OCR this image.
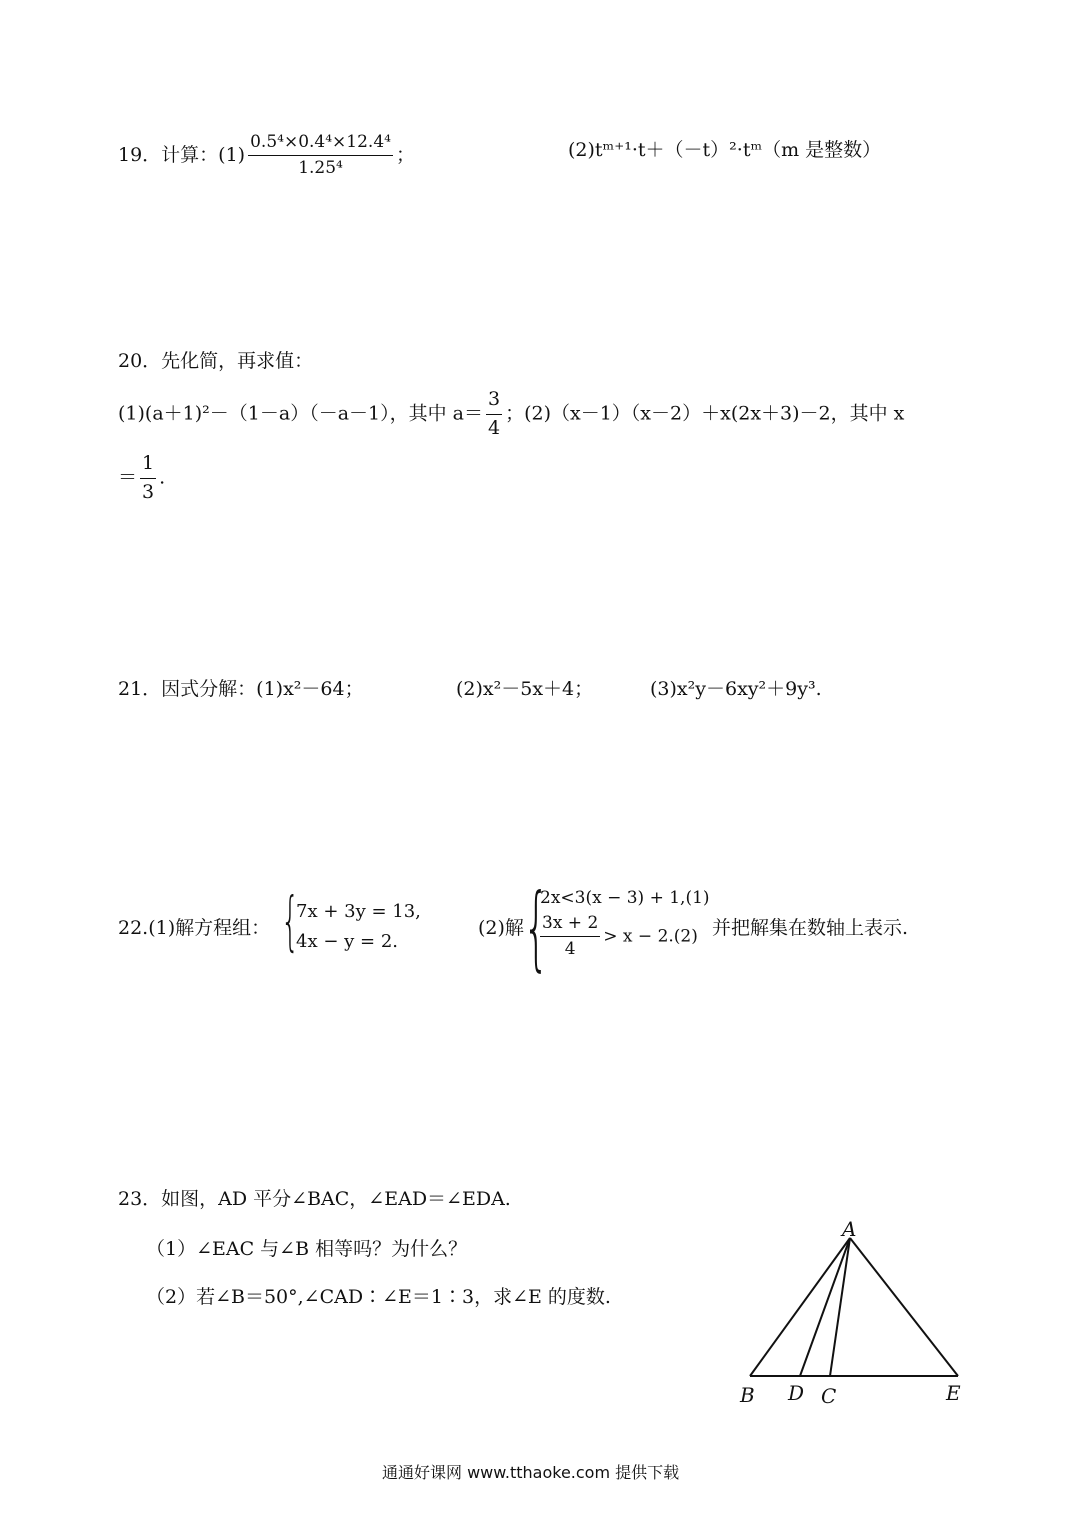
19．计算：$(1) \frac{\text{0.5⁴×0.4⁴×12.4⁴}}{\text{1.25⁴}}$ ；	(2)tᵐ⁺¹·t＋（－t）²·tᵐ（m 是整数）
20．先化简，再求值：
(1)(a＋1)²－（1－a）（－a－1），其中 $a= \frac{3}{4}$ ；(2)（x－1）（x－2）＋x(2x＋3)－2，其中 x
＝ $\frac{1}{3}$ .
21．因式分解：(1)x²－64；	(2)x²－5x＋4；	(3)x²y－6xy²＋9y³.
22.(1)解方程组： {
7x + 3y = 13,
4x − y = 2.
(2)解 {
2x<3(x − 3) + 1,(1)
$\frac{3x + 2}{4} > x - 2.(2)$ 并把解集在数轴上表示.
23．如图，AD 平分∠BAC，∠EAD＝∠EDA.
（1）∠EAC 与∠B 相等吗？为什么？
（2）若∠B＝50°,∠CAD∶∠E＝1∶3，求∠E 的度数.
A
B D C	E
通通好课网 www.tthaoke.com 提供下载
